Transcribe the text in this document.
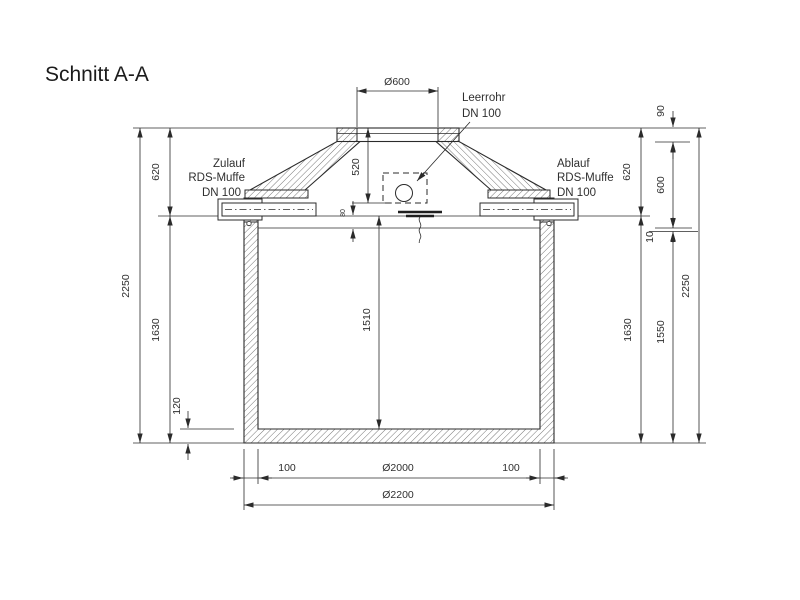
Schnitt A-A
2250
620
1630
120
620
1630
90
600
10
1550
2250
Ø600
520
80
1510
100	Ø2000	100
Ø2200
Leerrohr
DN 100
Zulauf
RDS-Muffe
DN 100
Ablauf
RDS-Muffe
DN 100
